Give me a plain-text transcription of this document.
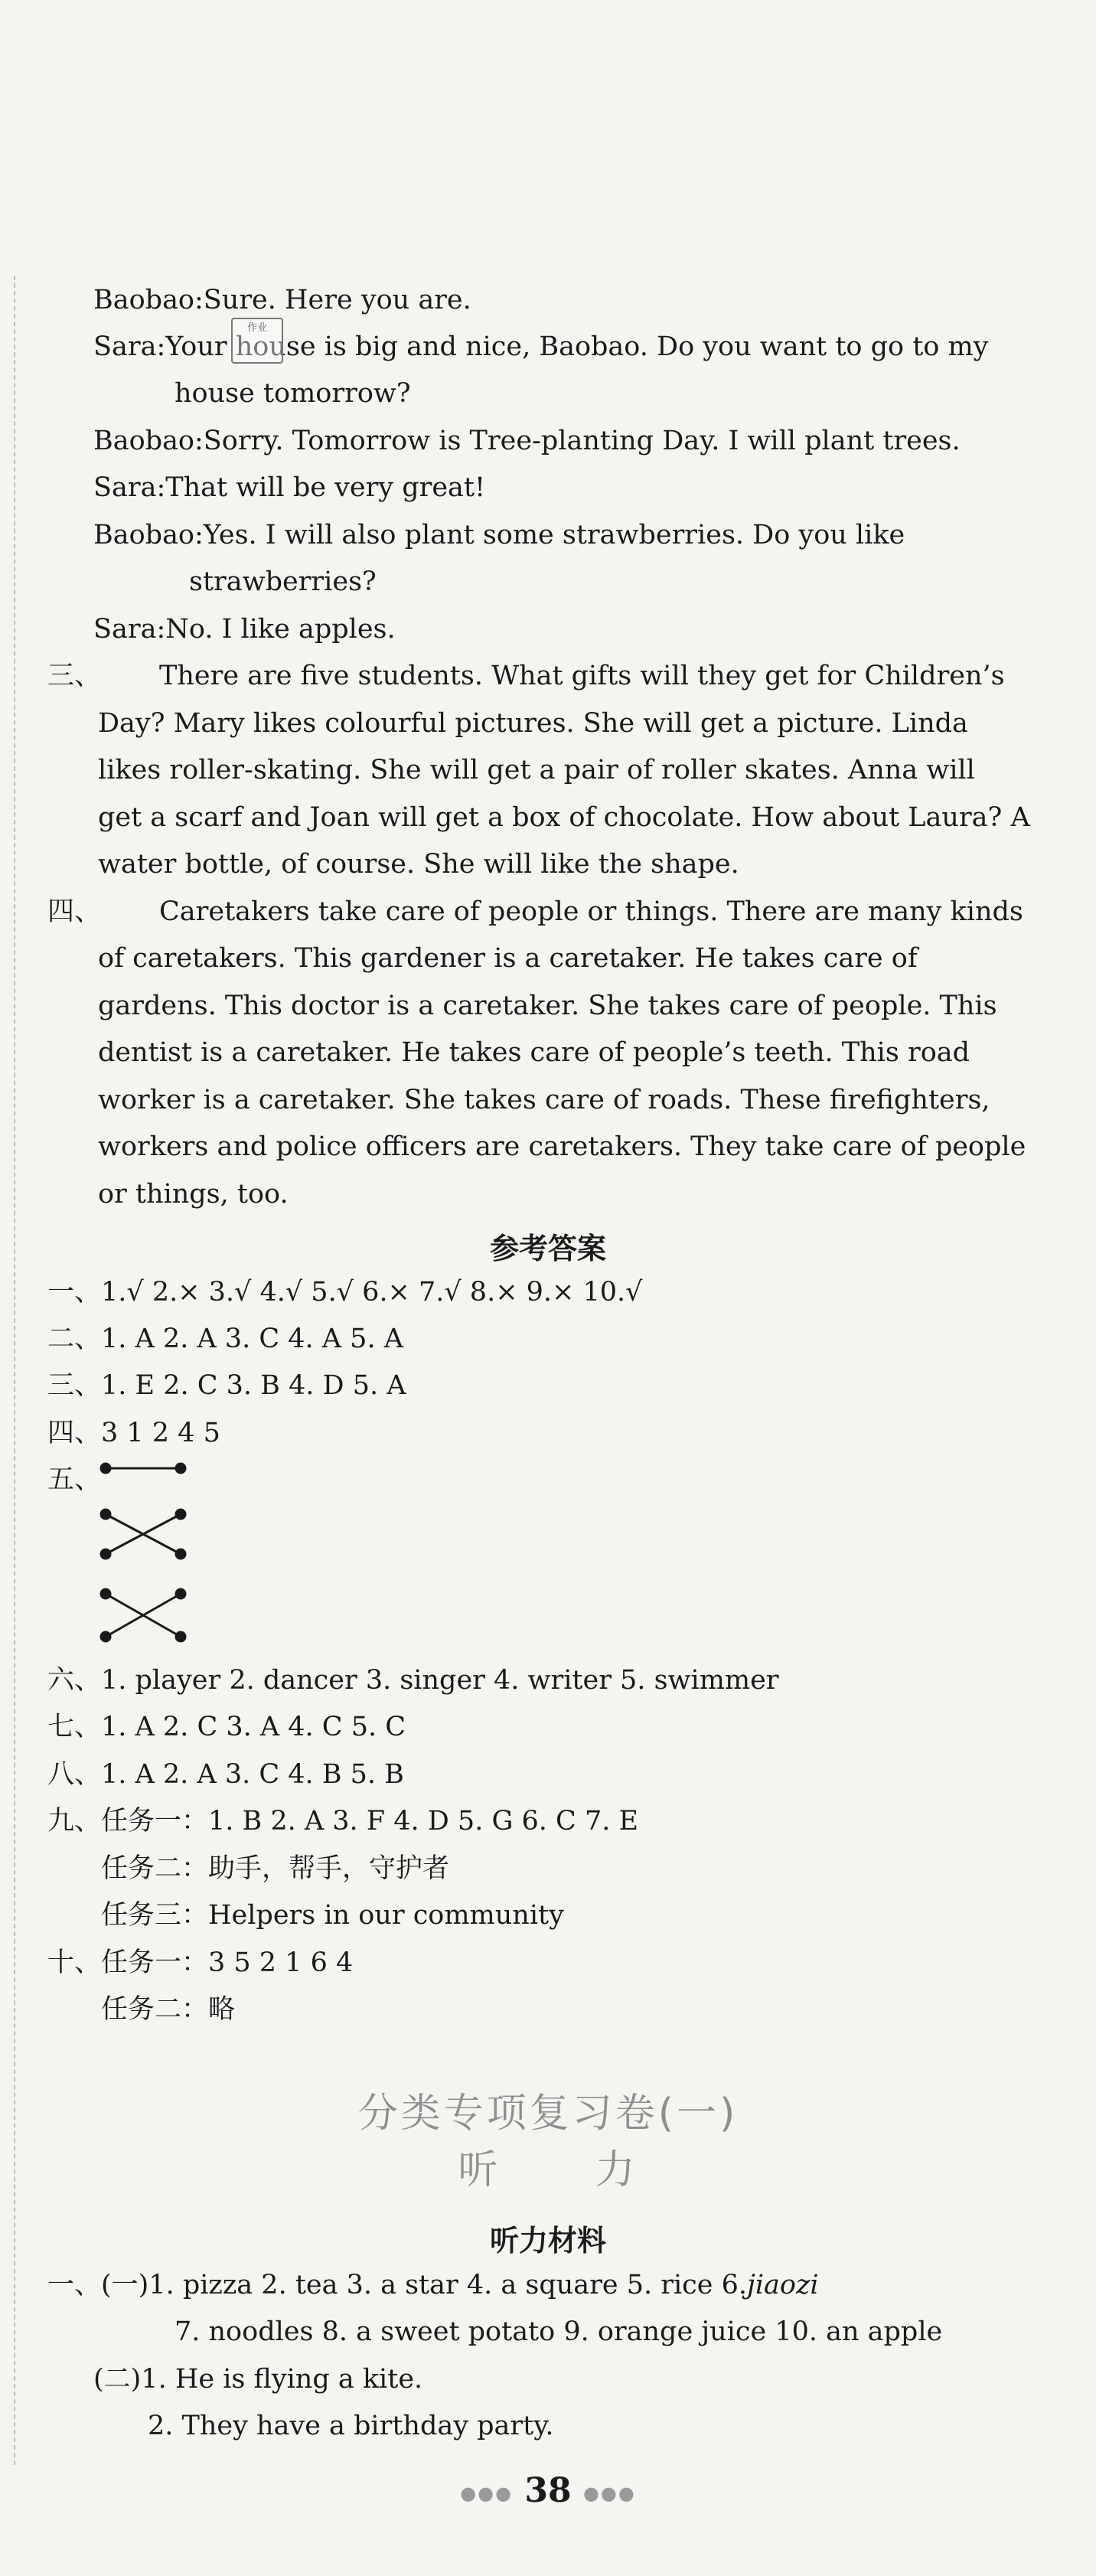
Baobao:Sure. Here you are.
Sara:Your house is big and nice, Baobao. Do you want to go to my
作业
house tomorrow?
Baobao:Sorry. Tomorrow is Tree-planting Day. I will plant trees.
Sara:That will be very great!
Baobao:Yes. I will also plant some strawberries. Do you like
strawberries?
Sara:No. I like apples.
三、 There are five students. What gifts will they get for Children’s
Day? Mary likes colourful pictures. She will get a picture. Linda
likes roller-skating. She will get a pair of roller skates. Anna will
get a scarf and Joan will get a box of chocolate. How about Laura? A
water bottle, of course. She will like the shape.
四、 Caretakers take care of people or things. There are many kinds
of caretakers. This gardener is a caretaker. He takes care of
gardens. This doctor is a caretaker. She takes care of people. This
dentist is a caretaker. He takes care of people’s teeth. This road
worker is a caretaker. She takes care of roads. These firefighters,
workers and police officers are caretakers. They take care of people
or things, too.
参考答案
一、1.√ 2.× 3.√ 4.√ 5.√ 6.× 7.√ 8.× 9.× 10.√
二、1. A 2. A 3. C 4. A 5. A
三、1. E 2. C 3. B 4. D 5. A
四、3 1 2 4 5
五、
六、1. player 2. dancer 3. singer 4. writer 5. swimmer
七、1. A 2. C 3. A 4. C 5. C
八、1. A 2. A 3. C 4. B 5. B
九、任务一：1. B 2. A 3. F 4. D 5. G 6. C 7. E
任务二：助手，帮手，守护者
任务三：Helpers in our community
十、任务一：3 5 2 1 6 4
任务二：略
分类专项复习卷(一)
听      力
听力材料
一、(一)1. pizza 2. tea 3. a star 4. a square 5. rice 6.jiaozi
7. noodles 8. a sweet potato 9. orange juice 10. an apple
(二)1. He is flying a kite.
2. They have a birthday party.
●●● 38 ●●●
